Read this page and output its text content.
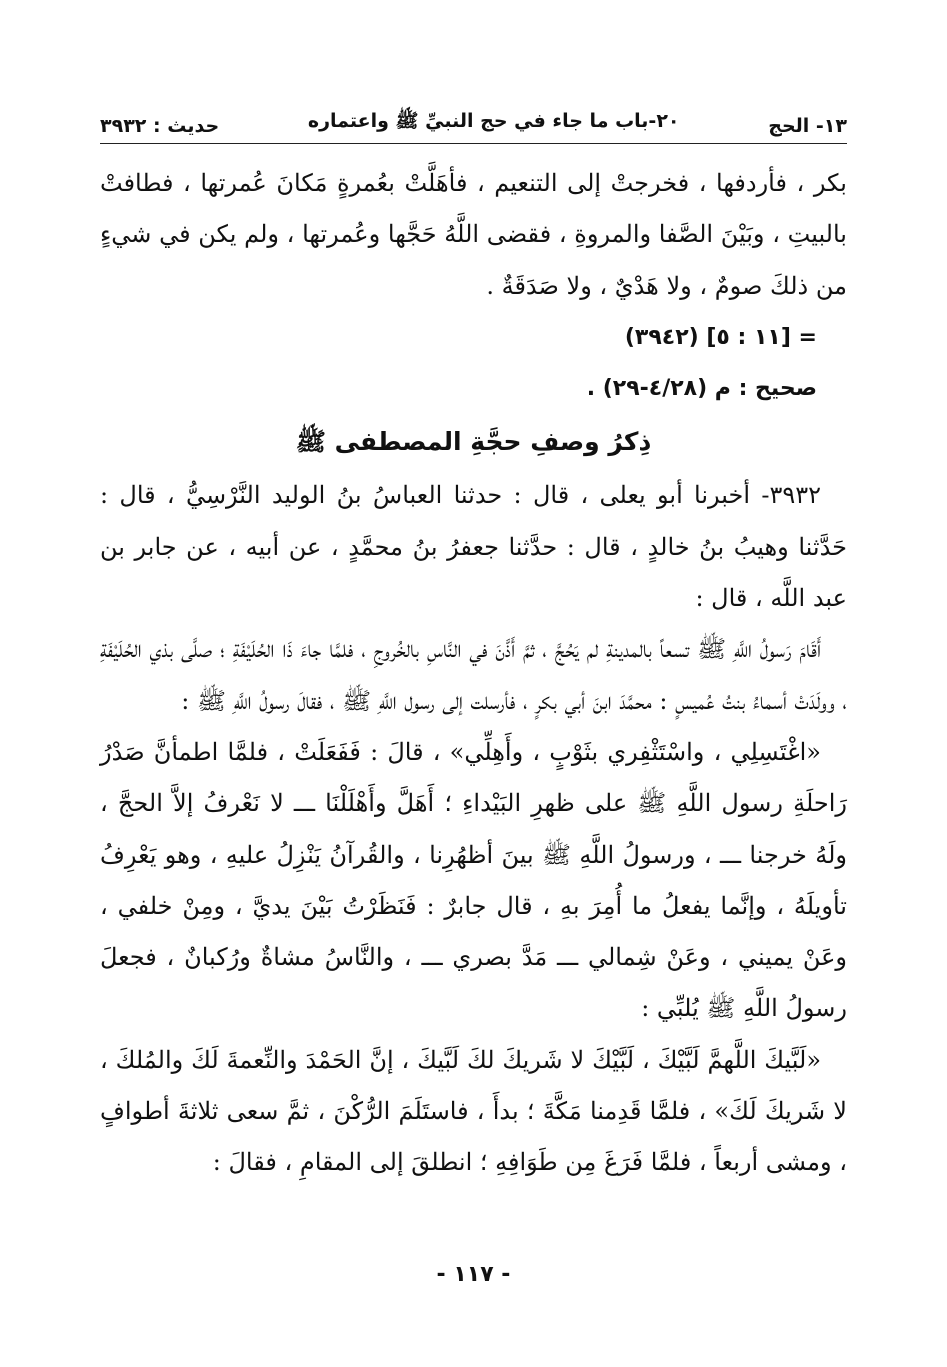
١٣- الحج
٢٠-باب ما جاء في حج النبيِّ ﷺ واعتماره
حديث : ٣٩٣٢

بكر ، فأردفها ، فخرجتْ إلى التنعيم ، فأهَلَّتْ بعُمرةٍ مَكانَ عُمرتها ، فطافتْ بالبيتِ ، وبَيْنَ الصَّفا والمروةِ ، فقضى اللَّهُ حَجَّها وعُمرتها ، ولم يكن في شيءٍ من ذلكَ صومٌ ، ولا هَدْيٌ ، ولا صَدَقَةٌ .

= [١١ : ٥] (٣٩٤٢)

صحيح : م (٤/٢٨-٢٩) .

ذِكرُ وصفِ حجَّةِ المصطفى ﷺ

٣٩٣٢- أخبرنا أبو يعلى ، قال : حدثنا العباسُ بنُ الوليد النَّرْسِيُّ ، قال : حَدَّثنا وهيبُ بنُ خالدٍ ، قال : حدَّثنا جعفرُ بنُ محمَّدٍ ، عن أبيه ، عن جابر بن عبد اللَّه ، قال :

أَقَامَ رَسولُ اللَّهِ ﷺ تسعاً بالمدينةِ لم يَحُجَّ ، ثمَّ أَذَّنَ في النَّاسِ بالخُروجِ ، فلمَّا جاءَ ذَا الحُلَيْفَةِ ؛ صلَّى بذي الحُلَيْفَةِ ، وولَدَتْ أسماءُ بنتُ عُميسٍ : محمَّدَ ابنَ أبي بكرٍ ، فأرسلت إلى رسول اللَّهِ ﷺ ، فقالَ رسولُ اللَّهِ ﷺ :

«اغْتَسِلِي ، واسْتَثْفِري بثَوْبٍ ، وأَهِلِّي» ، قالَ : فَفَعَلَتْ ، فلمَّا اطمأنَّ صَدْرُ رَاحلَةِ رسول اللَّهِ ﷺ على ظهرِ البَيْداءِ ؛ أَهَلَّ وأَهْلَلْنَا ـــ لا نَعْرفُ إلاَّ الحجَّ ، ولَهُ خرجنا ـــ ، ورسولُ اللَّهِ ﷺ بينَ أظهُرِنا ، والقُرآنُ يَنْزِلُ عليهِ ، وهو يَعْرِفُ تأويلَهُ ، وإنَّما يفعلُ ما أُمِرَ بهِ ، قال جابرٌ : فَنَظَرْتُ بَيْنَ يديَّ ، ومِنْ خلفي ، وعَنْ يميني ، وعَنْ شِمالي ـــ مَدَّ بصري ـــ ، والنَّاسُ مشاةٌ ورُكبانٌ ، فجعلَ رسولُ اللَّهِ ﷺ يُلبِّي :

«لَبَّيكَ اللَّهمَّ لَبَّيْكَ ، لَبَّيْكَ لا شَريكَ لكَ لَبَّيكَ ، إنَّ الحَمْدَ والنِّعمةَ لَكَ والمُلكَ ، لا شَريكَ لَكَ» ، فلمَّا قَدِمنا مَكَّةَ ؛ بدأَ ، فاستَلَمَ الرُّكْنَ ، ثمَّ سعى ثلاثةَ أطوافٍ ، ومشى أربعاً ، فلمَّا فَرَغَ مِن طَوَافِهِ ؛ انطلقَ إلى المقامِ ، فقالَ :

- ١١٧ -
